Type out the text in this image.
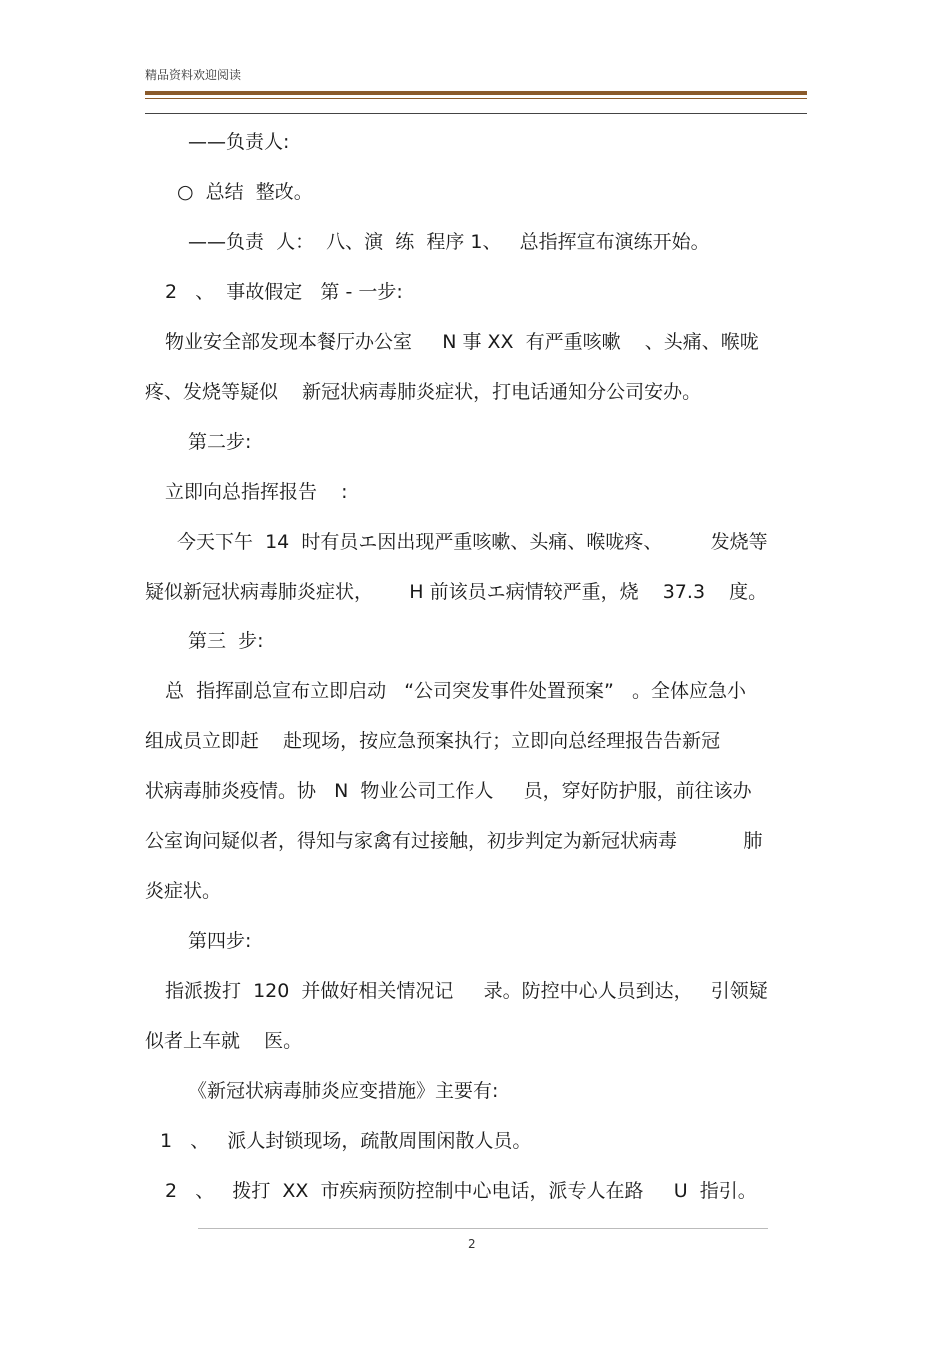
精品资料欢迎阅读
——负责人:
○  总结  整改。
——负责  人：  八、演  练  程序 1、   总指挥宣布演练开始。
2   、  事故假定   第 - 一步:
物业安全部发现本餐厅办公室     N 事 XX  有严重咳嗽    、头痛、喉咙
疼、发烧等疑似    新冠状病毒肺炎症状，打电话通知分公司安办。
第二步:
立即向总指挥报告    :
今天下午  14  时有员エ因出现严重咳嗽、头痛、喉咙疼、        发烧等
疑似新冠状病毒肺炎症状，      H 前该员エ病情较严重，烧    37.3    度。
第三  步:
总  指挥副总宣布立即启动   “公司突发事件处置预案”   。全体应急小
组成员立即赶    赴现场，按应急预案执行；立即向总经理报告告新冠
状病毒肺炎疫情。协   N  物业公司工作人     员，穿好防护服，前往该办
公室询问疑似者，得知与家禽有过接触，初步判定为新冠状病毒           肺
炎症状。
第四步:
指派拨打  120  并做好相关情况记     录。防控中心人员到达，   引领疑
似者上车就    医。
《新冠状病毒肺炎应变措施》主要有:
1   、   派人封锁现场，疏散周围闲散人员。
2   、   拨打  XX  市疾病预防控制中心电话，派专人在路     U  指引。
2
